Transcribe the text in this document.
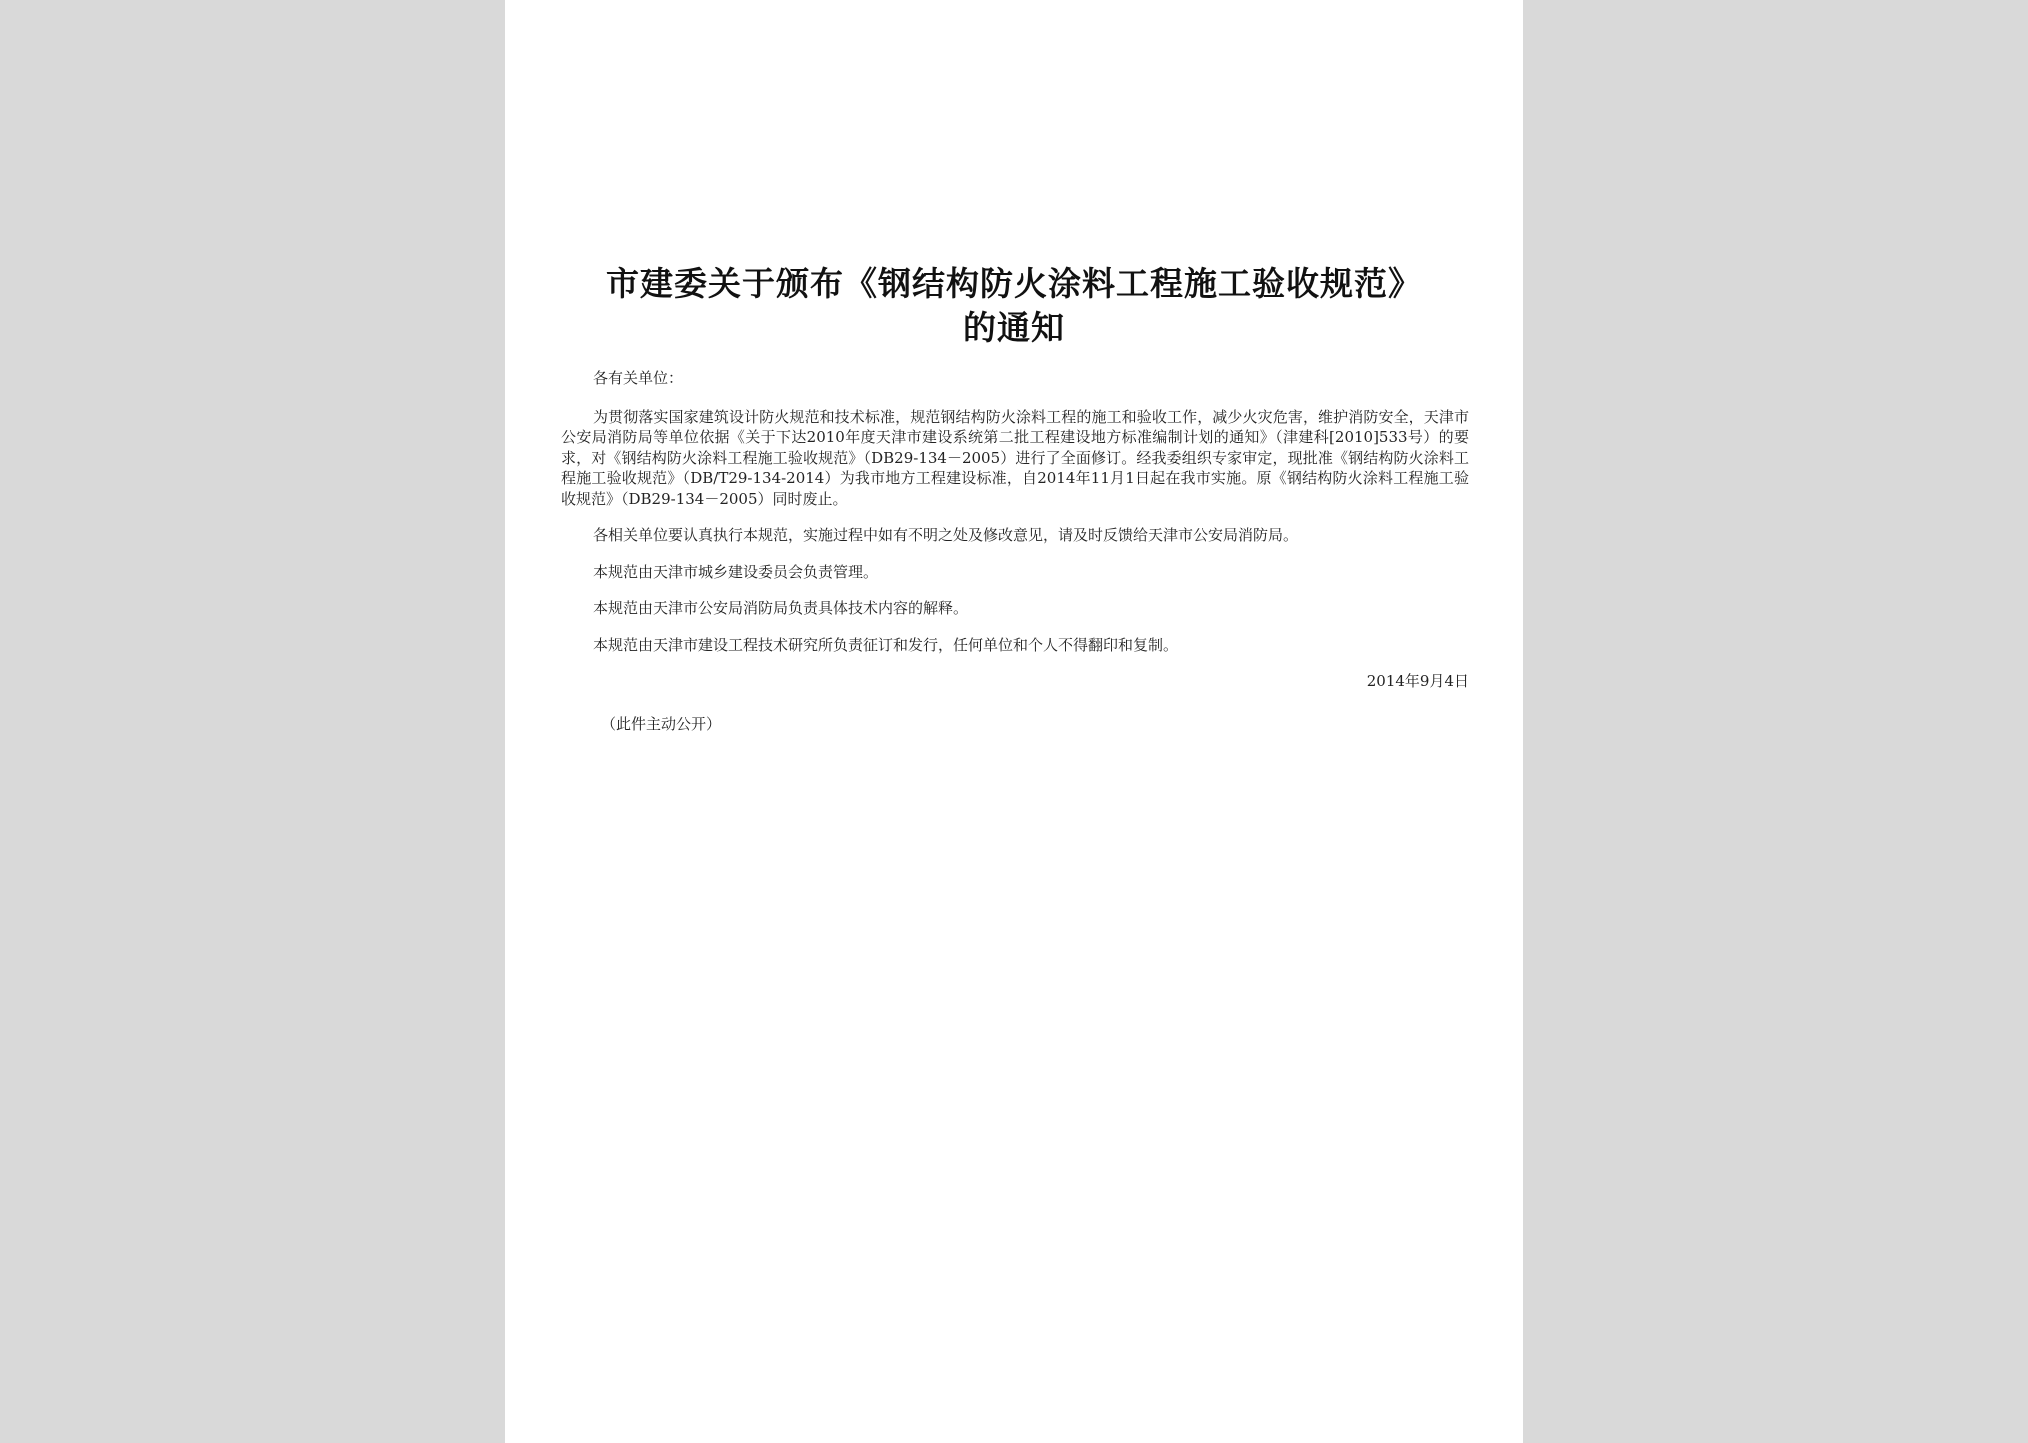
市建委关于颁布《钢结构防火涂料工程施工验收规范》
的通知

各有关单位：

为贯彻落实国家建筑设计防火规范和技术标准，规范钢结构防火涂料工程的施工和验收工作，减少火灾危害，维护消防安全，天津市公安局消防局等单位依据《关于下达2010年度天津市建设系统第二批工程建设地方标准编制计划的通知》（津建科[2010]533号）的要求，对《钢结构防火涂料工程施工验收规范》（DB29-134－2005）进行了全面修订。经我委组织专家审定，现批准《钢结构防火涂料工程施工验收规范》（DB/T29-134-2014）为我市地方工程建设标准，自2014年11月1日起在我市实施。原《钢结构防火涂料工程施工验收规范》（DB29-134－2005）同时废止。

各相关单位要认真执行本规范，实施过程中如有不明之处及修改意见，请及时反馈给天津市公安局消防局。

本规范由天津市城乡建设委员会负责管理。

本规范由天津市公安局消防局负责具体技术内容的解释。

本规范由天津市建设工程技术研究所负责征订和发行，任何单位和个人不得翻印和复制。

2014年9月4日

（此件主动公开）
